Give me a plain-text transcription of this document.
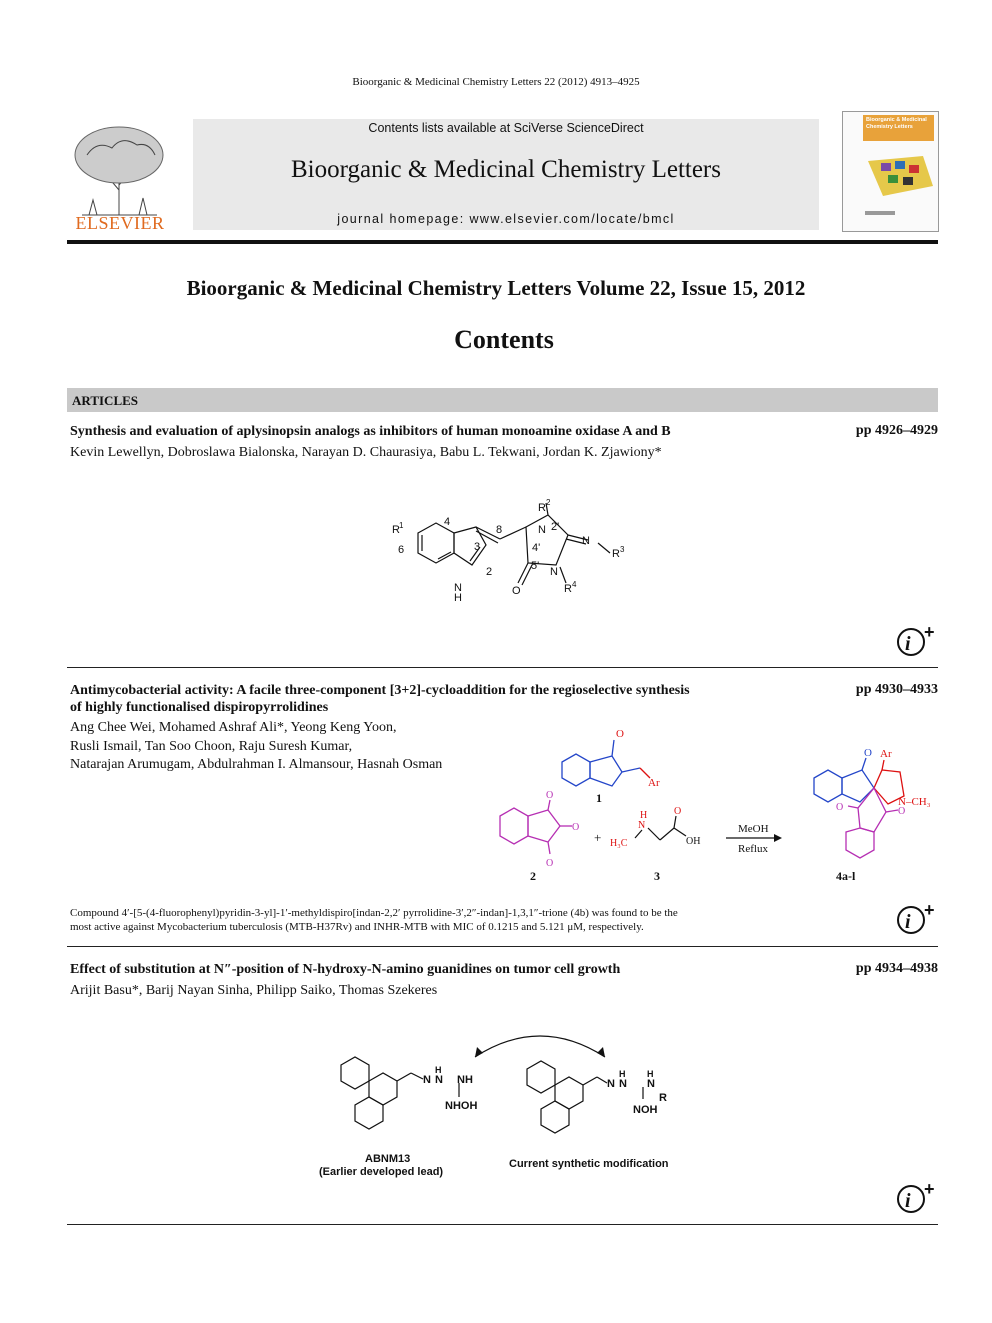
Bioorganic & Medicinal Chemistry Letters 22 (2012) 4913–4925
ELSEVIER
Contents lists available at SciVerse ScienceDirect
Bioorganic & Medicinal Chemistry Letters
journal homepage: www.elsevier.com/locate/bmcl
Bioorganic & Medicinal Chemistry Letters
Bioorganic & Medicinal Chemistry Letters Volume 22, Issue 15, 2012
Contents
ARTICLES
Synthesis and evaluation of aplysinopsin analogs as inhibitors of human monoamine oxidase A and B	pp 4926–4929
Kevin Lewellyn, Dobroslawa Bialonska, Narayan D. Chaurasiya, Babu L. Tekwani, Jordan K. Zjawiony*
R 1
6
4
3
2
8
N
H
R 2
N 2'
4'
5'
N
R 3
N
R 4
O
i
+
Antimycobacterial activity: A facile three-component [3+2]-cycloaddition for the regioselective synthesis
of highly functionalised dispiropyrrolidines
pp 4930–4933
Ang Chee Wei, Mohamed Ashraf Ali*, Yeong Keng Yoon,
Rusli Ismail, Tan Soo Choon, Raju Suresh Kumar,
Natarajan Arumugam, Abdulrahman I. Almansour, Hasnah Osman
O
Ar
1
O
O
O
2
+
N
H
H₃C
O
OH
3
MeOH
Reflux
O Ar
N–CH₃
O	O
4a-l
Compound 4′-[5-(4-fluorophenyl)pyridin-3-yl]-1′-methyldispiro[indan-2,2′ pyrrolidine-3′,2″-indan]-1,3,1″-trione (4b) was found to be the
most active against Mycobacterium tuberculosis (MTB-H37Rv) and INHR-MTB with MIC of 0.1215 and 5.121 μM, respectively.	i
+
Effect of substitution at N″-position of N-hydroxy-N-amino guanidines on tumor cell growth	pp 4934–4938
Arijit Basu*, Barij Nayan Sinha, Philipp Saiko, Thomas Szekeres
N N
H
NH
NHOH
N N
H
N
H
R
NOH
ABNM13
(Earlier developed lead)
Current synthetic modification
i
+
